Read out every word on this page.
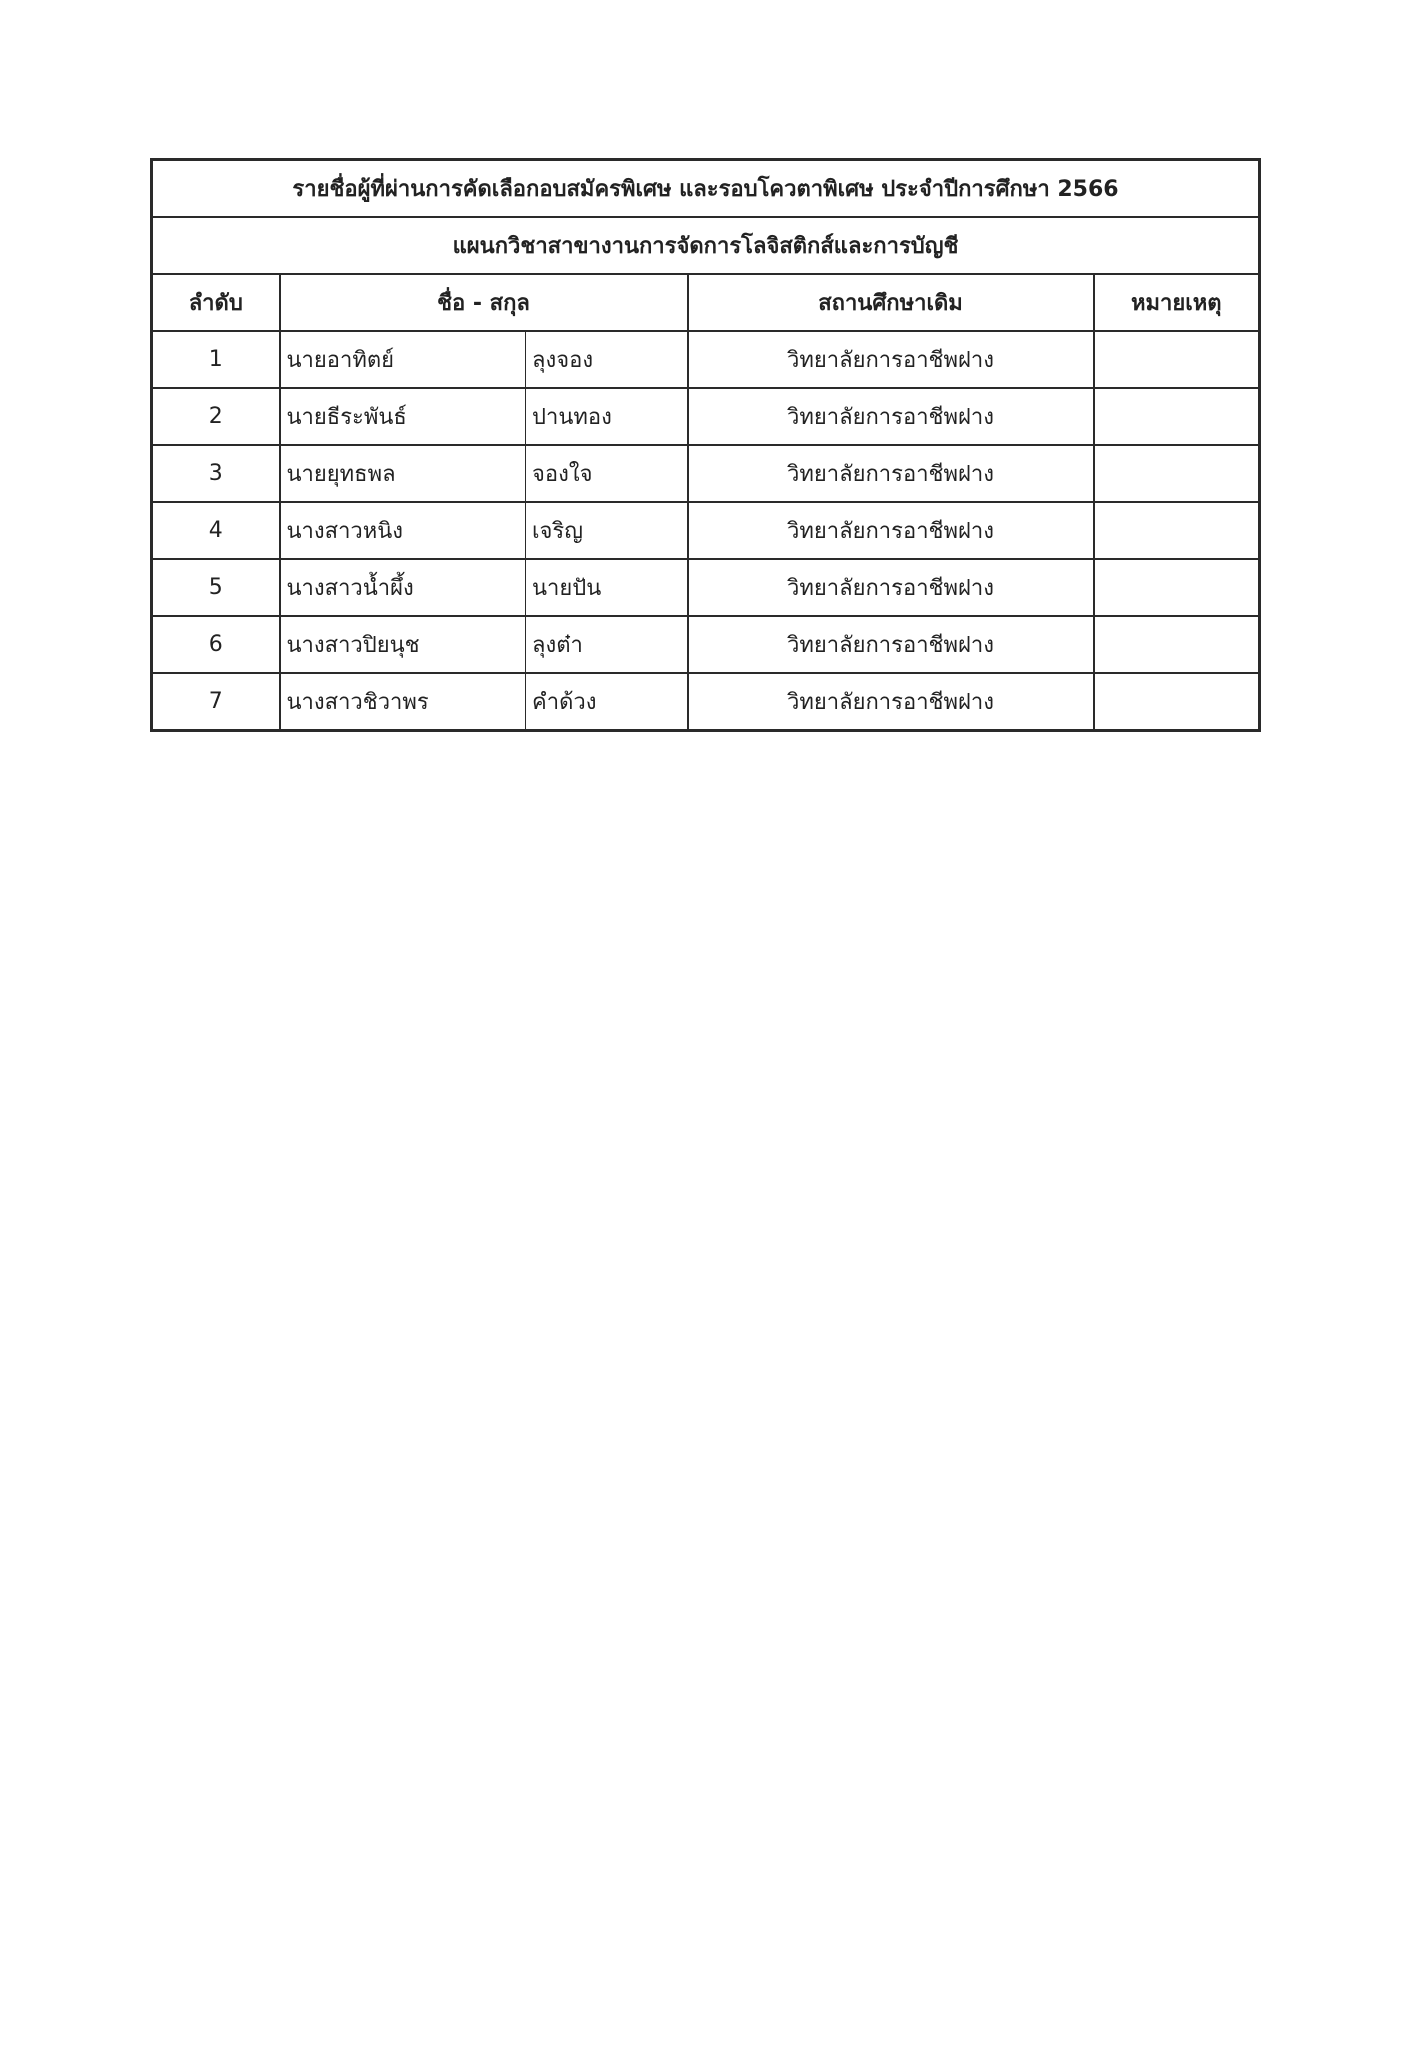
รายชื่อผู้ที่ผ่านการคัดเลือกอบสมัครพิเศษ และรอบโควตาพิเศษ ประจำปีการศึกษา 2566				
แผนกวิชาสาขางานการจัดการโลจิสติกส์และการบัญชี				
ลำดับ	ชื่อ - สกุล		สถานศึกษาเดิม	หมายเหตุ
1	นายอาทิตย์	ลุงจอง	วิทยาลัยการอาชีพฝาง	
2	นายธีระพันธ์	ปานทอง	วิทยาลัยการอาชีพฝาง	
3	นายยุทธพล	จองใจ	วิทยาลัยการอาชีพฝาง	
4	นางสาวหนิง	เจริญ	วิทยาลัยการอาชีพฝาง	
5	นางสาวน้ำผึ้ง	นายปัน	วิทยาลัยการอาชีพฝาง	
6	นางสาวปิยนุช	ลุงต๋า	วิทยาลัยการอาชีพฝาง	
7	นางสาวชิวาพร	คำด้วง	วิทยาลัยการอาชีพฝาง	
